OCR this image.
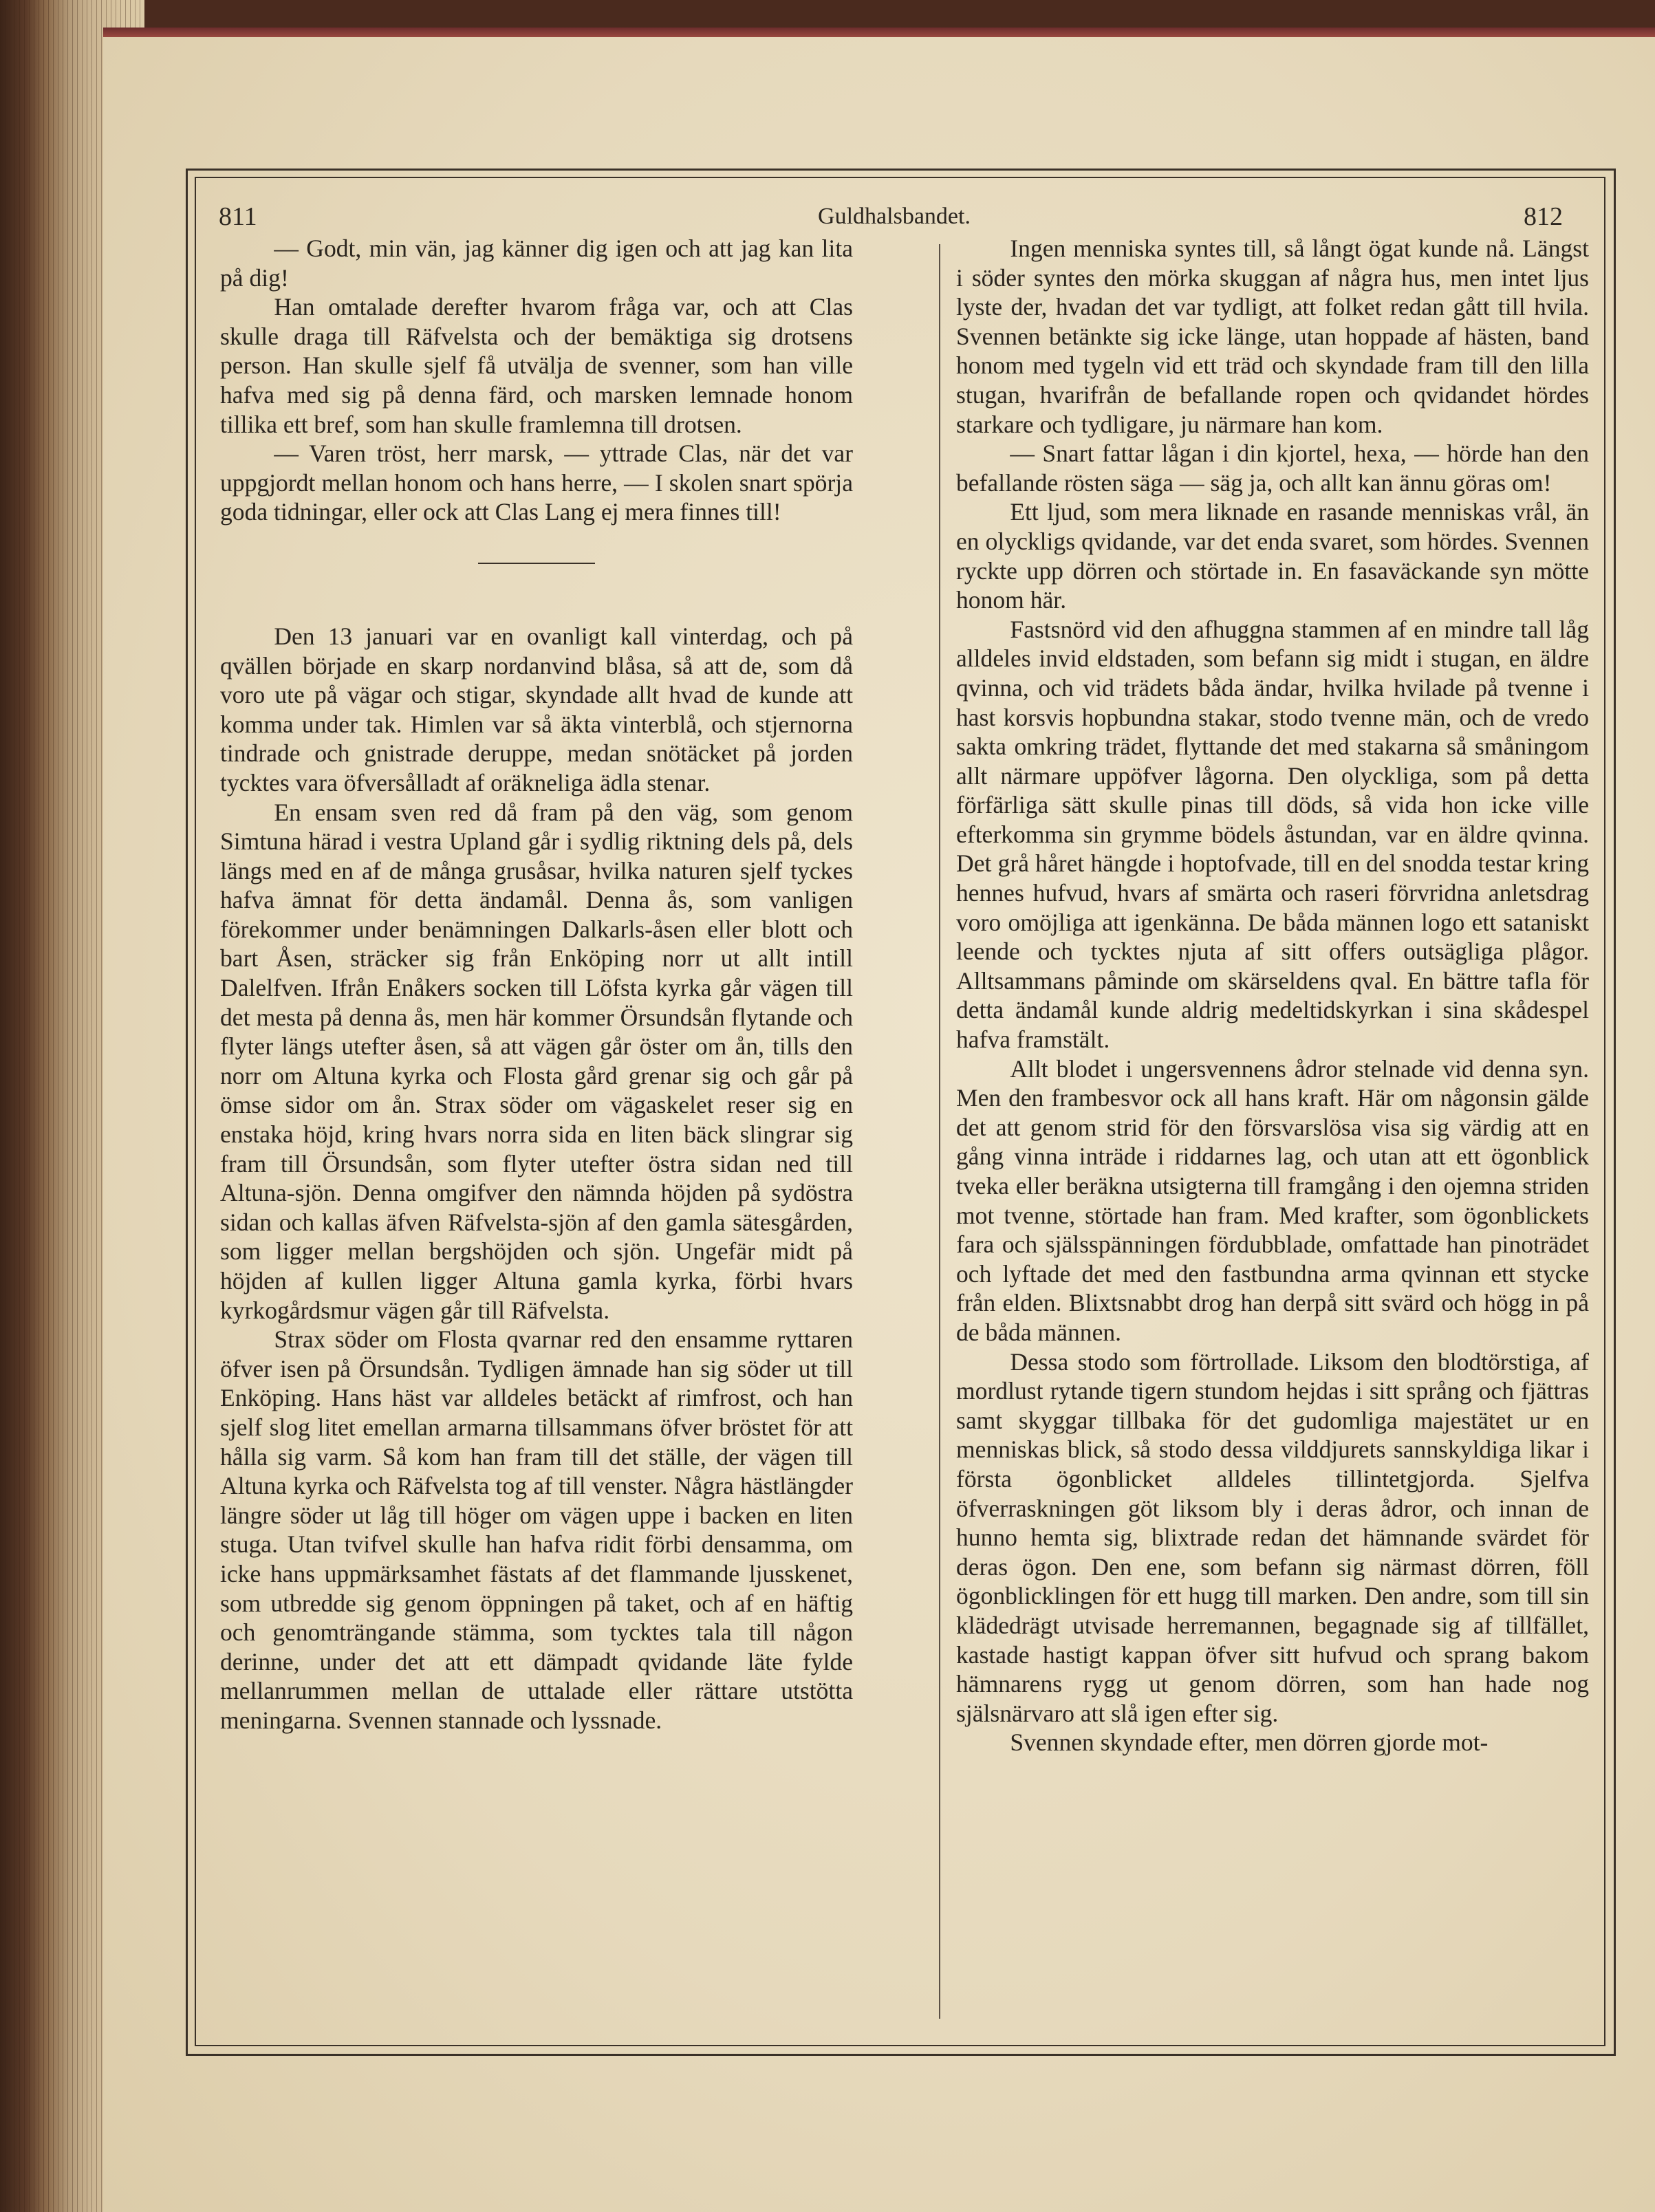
811	Guldhalsbandet.	812

— Godt, min vän, jag känner dig igen och att jag kan lita på dig!

Han omtalade derefter hvarom fråga var, och att Clas skulle draga till Räfvelsta och der bemäktiga sig drotsens person. Han skulle sjelf få utvälja de svenner, som han ville hafva med sig på denna färd, och marsken lemnade honom tillika ett bref, som han skulle framlemna till drotsen.

— Varen tröst, herr marsk, — yttrade Clas, när det var uppgjordt mellan honom och hans herre, — I skolen snart spörja goda tidningar, eller ock att Clas Lang ej mera finnes till!

Den 13 januari var en ovanligt kall vinterdag, och på qvällen började en skarp nordanvind blåsa, så att de, som då voro ute på vägar och stigar, skyndade allt hvad de kunde att komma under tak. Himlen var så äkta vinterblå, och stjernorna tindrade och gnistrade deruppe, medan snötäcket på jorden tycktes vara öfversålladt af oräkneliga ädla stenar.

En ensam sven red då fram på den väg, som genom Simtuna härad i vestra Upland går i sydlig riktning dels på, dels längs med en af de många grusåsar, hvilka naturen sjelf tyckes hafva ämnat för detta ändamål. Denna ås, som vanligen förekommer under benämningen Dalkarls-åsen eller blott och bart Åsen, sträcker sig från Enköping norr ut allt intill Dalelfven. Ifrån Enåkers socken till Löfsta kyrka går vägen till det mesta på denna ås, men här kommer Örsundsån flytande och flyter längs utefter åsen, så att vägen går öster om ån, tills den norr om Altuna kyrka och Flosta gård grenar sig och går på ömse sidor om ån. Strax söder om vägaskelet reser sig en enstaka höjd, kring hvars norra sida en liten bäck slingrar sig fram till Örsundsån, som flyter utefter östra sidan ned till Altuna-sjön. Denna omgifver den nämnda höjden på sydöstra sidan och kallas äfven Räfvelsta-sjön af den gamla sätesgården, som ligger mellan bergshöjden och sjön. Ungefär midt på höjden af kullen ligger Altuna gamla kyrka, förbi hvars kyrkogårdsmur vägen går till Räfvelsta.

Strax söder om Flosta qvarnar red den ensamme ryttaren öfver isen på Örsundsån. Tydligen ämnade han sig söder ut till Enköping. Hans häst var alldeles betäckt af rimfrost, och han sjelf slog litet emellan armarna tillsammans öfver bröstet för att hålla sig varm. Så kom han fram till det ställe, der vägen till Altuna kyrka och Räfvelsta tog af till venster. Några hästlängder längre söder ut låg till höger om vägen uppe i backen en liten stuga. Utan tvifvel skulle han hafva ridit förbi densamma, om icke hans uppmärksamhet fästats af det flammande ljusskenet, som utbredde sig genom öppningen på taket, och af en häftig och genomträngande stämma, som tycktes tala till någon derinne, under det att ett dämpadt qvidande läte fylde mellanrummen mellan de uttalade eller rättare utstötta meningarna. Svennen stannade och lyssnade.

Ingen menniska syntes till, så långt ögat kunde nå. Längst i söder syntes den mörka skuggan af några hus, men intet ljus lyste der, hvadan det var tydligt, att folket redan gått till hvila. Svennen betänkte sig icke länge, utan hoppade af hästen, band honom med tygeln vid ett träd och skyndade fram till den lilla stugan, hvarifrån de befallande ropen och qvidandet hördes starkare och tydligare, ju närmare han kom.

— Snart fattar lågan i din kjortel, hexa, — hörde han den befallande rösten säga — säg ja, och allt kan ännu göras om!

Ett ljud, som mera liknade en rasande menniskas vrål, än en olyckligs qvidande, var det enda svaret, som hördes. Svennen ryckte upp dörren och störtade in. En fasaväckande syn mötte honom här.

Fastsnörd vid den afhuggna stammen af en mindre tall låg alldeles invid eldstaden, som befann sig midt i stugan, en äldre qvinna, och vid trädets båda ändar, hvilka hvilade på tvenne i hast korsvis hopbundna stakar, stodo tvenne män, och de vredo sakta omkring trädet, flyttande det med stakarna så småningom allt närmare uppöfver lågorna. Den olyckliga, som på detta förfärliga sätt skulle pinas till döds, så vida hon icke ville efterkomma sin grymme bödels åstundan, var en äldre qvinna. Det grå håret hängde i hoptofvade, till en del snodda testar kring hennes hufvud, hvars af smärta och raseri förvridna anletsdrag voro omöjliga att igenkänna. De båda männen logo ett sataniskt leende och tycktes njuta af sitt offers outsägliga plågor. Alltsammans påminde om skärseldens qval. En bättre tafla för detta ändamål kunde aldrig medeltidskyrkan i sina skådespel hafva framstält.

Allt blodet i ungersvennens ådror stelnade vid denna syn. Men den frambesvor ock all hans kraft. Här om någonsin gälde det att genom strid för den försvarslösa visa sig värdig att en gång vinna inträde i riddarnes lag, och utan att ett ögonblick tveka eller beräkna utsigterna till framgång i den ojemna striden mot tvenne, störtade han fram. Med krafter, som ögonblickets fara och själsspänningen fördubblade, omfattade han pinoträdet och lyftade det med den fastbundna arma qvinnan ett stycke från elden. Blixtsnabbt drog han derpå sitt svärd och högg in på de båda männen.

Dessa stodo som förtrollade. Liksom den blodtörstiga, af mordlust rytande tigern stundom hejdas i sitt språng och fjättras samt skyggar tillbaka för det gudomliga majestätet ur en menniskas blick, så stodo dessa vilddjurets sannskyldiga likar i första ögonblicket alldeles tillintetgjorda. Sjelfva öfverraskningen göt liksom bly i deras ådror, och innan de hunno hemta sig, blixtrade redan det hämnande svärdet för deras ögon. Den ene, som befann sig närmast dörren, föll ögonblicklingen för ett hugg till marken. Den andre, som till sin klädedrägt utvisade herremannen, begagnade sig af tillfället, kastade hastigt kappan öfver sitt hufvud och sprang bakom hämnarens rygg ut genom dörren, som han hade nog själsnärvaro att slå igen efter sig.

Svennen skyndade efter, men dörren gjorde mot-
